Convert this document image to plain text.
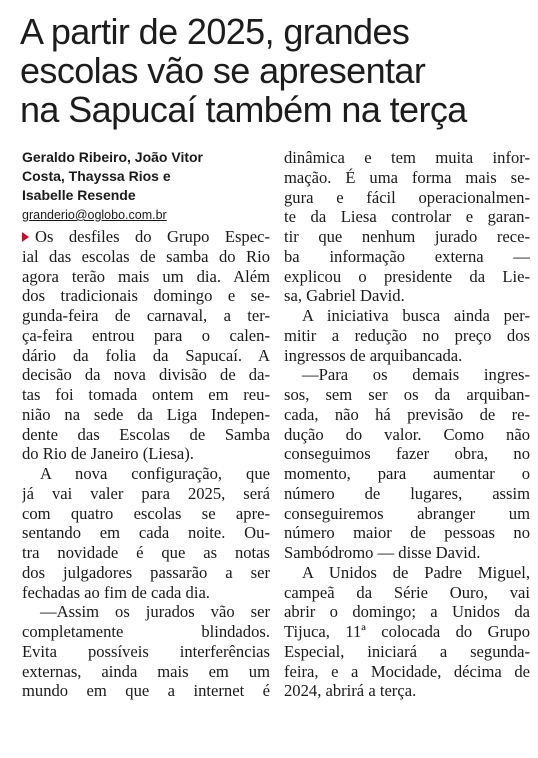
A partir de 2025, grandes
escolas vão se apresentar
na Sapucaí também na terça
Geraldo Ribeiro, João Vitor
Costa, Thayssa Rios e
Isabelle Resende
granderio@oglobo.com.br
Os desfiles do Grupo Espec-
ial das escolas de samba do Rio
agora terão mais um dia. Além
dos tradicionais domingo e se-
gunda-feira de carnaval, a ter-
ça-feira entrou para o calen-
dário da folia da Sapucaí. A
decisão da nova divisão de da-
tas foi tomada ontem em reu-
nião na sede da Liga Indepen-
dente das Escolas de Samba
do Rio de Janeiro (Liesa).
A nova configuração, que
já vai valer para 2025, será
com quatro escolas se apre-
sentando em cada noite. Ou-
tra novidade é que as notas
dos julgadores passarão a ser
fechadas ao fim de cada dia.
—Assim os jurados vão ser
completamente blindados.
Evita possíveis interferências
externas, ainda mais em um
mundo em que a internet é
dinâmica e tem muita infor-
mação. É uma forma mais se-
gura e fácil operacionalmen-
te da Liesa controlar e garan-
tir que nenhum jurado rece-
ba informação externa —
explicou o presidente da Lie-
sa, Gabriel David.
A iniciativa busca ainda per-
mitir a redução no preço dos
ingressos de arquibancada.
—Para os demais ingres-
sos, sem ser os da arquiban-
cada, não há previsão de re-
dução do valor. Como não
conseguimos fazer obra, no
momento, para aumentar o
número de lugares, assim
conseguiremos abranger um
número maior de pessoas no
Sambódromo — disse David.
A Unidos de Padre Miguel,
campeã da Série Ouro, vai
abrir o domingo; a Unidos da
Tijuca, 11ª colocada do Grupo
Especial, iniciará a segunda-
feira, e a Mocidade, décima de
2024, abrirá a terça.
